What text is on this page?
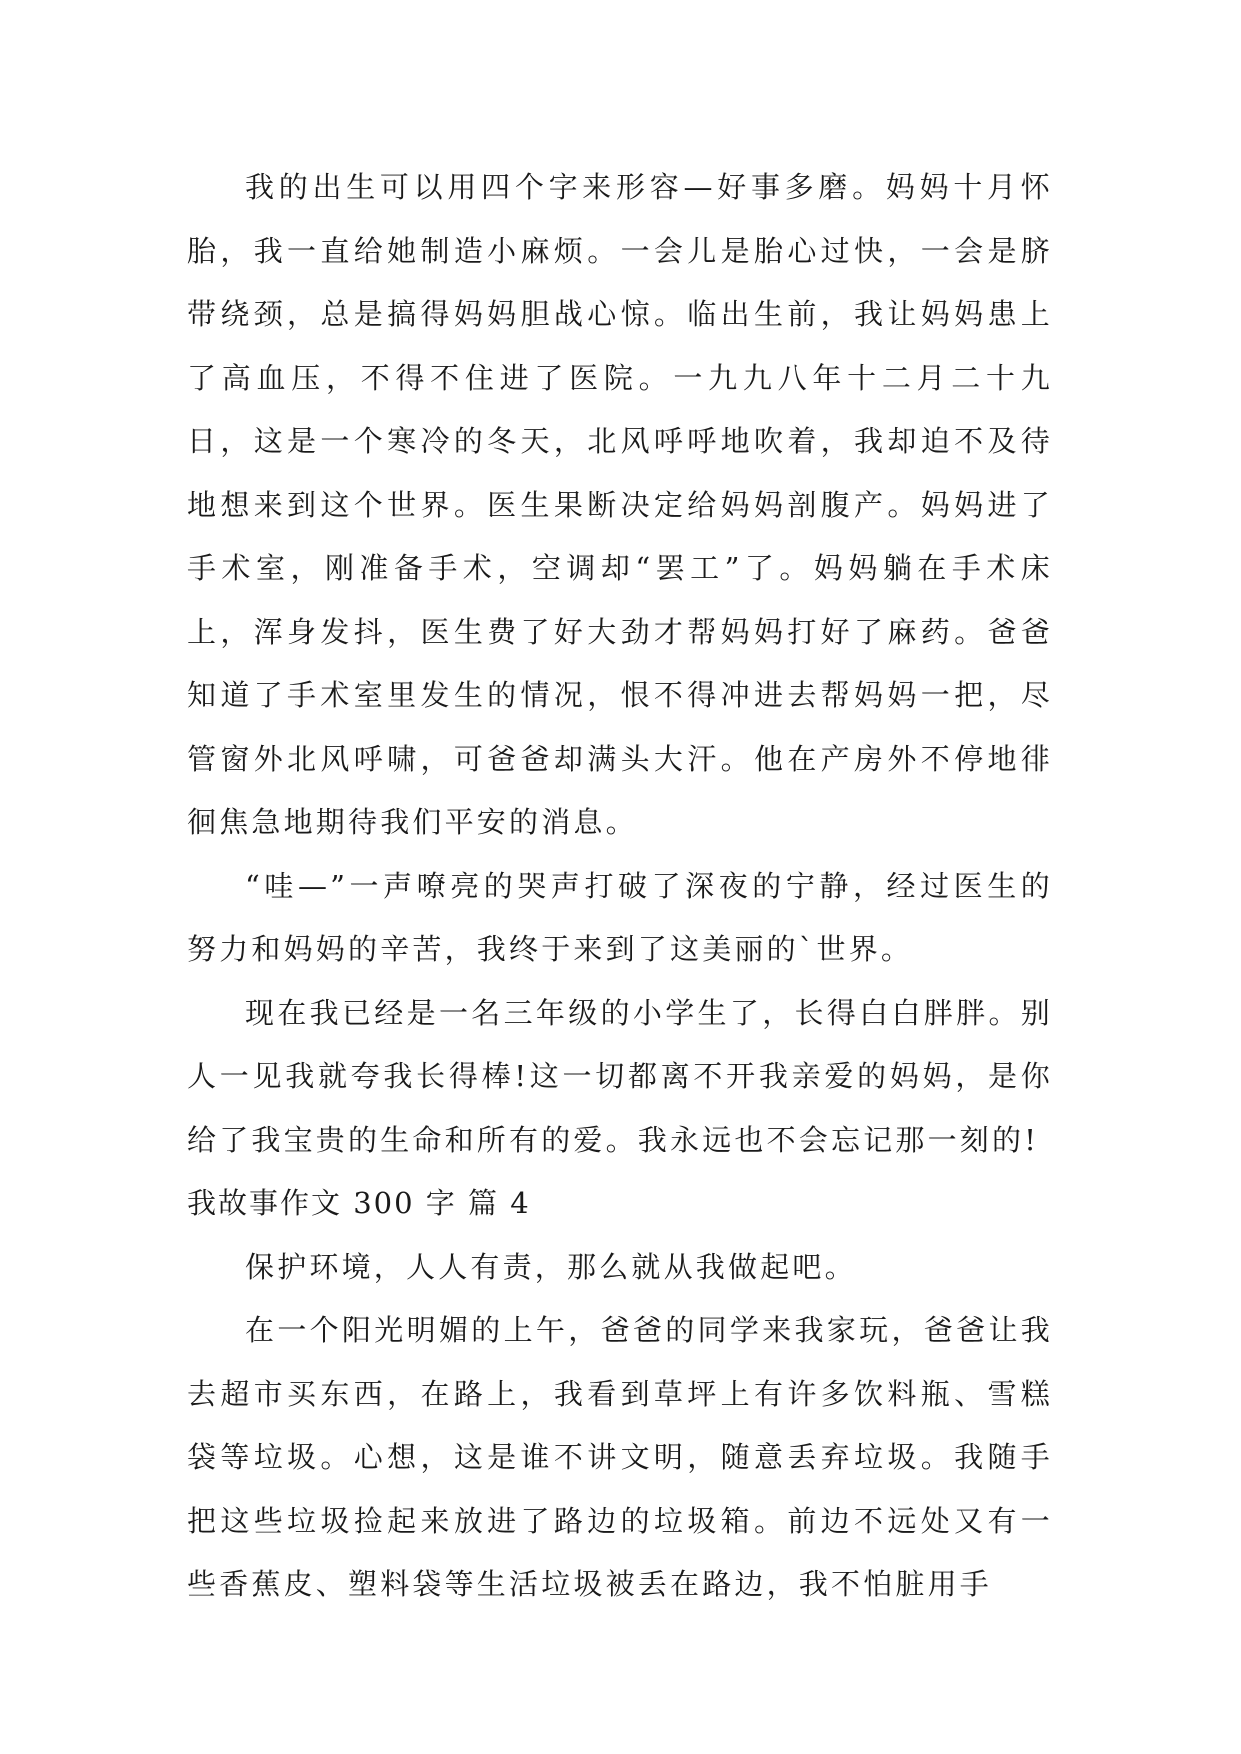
我的出生可以用四个字来形容—好事多磨。妈妈十月怀胎，我一直给她制造小麻烦。一会儿是胎心过快，一会是脐带绕颈，总是搞得妈妈胆战心惊。临出生前，我让妈妈患上了高血压，不得不住进了医院。一九九八年十二月二十九日，这是一个寒冷的冬天，北风呼呼地吹着，我却迫不及待地想来到这个世界。医生果断决定给妈妈剖腹产。妈妈进了手术室，刚准备手术，空调却“罢工”了。妈妈躺在手术床上，浑身发抖，医生费了好大劲才帮妈妈打好了麻药。爸爸知道了手术室里发生的情况，恨不得冲进去帮妈妈一把，尽管窗外北风呼啸，可爸爸却满头大汗。他在产房外不停地徘徊焦急地期待我们平安的消息。

“哇—”一声嘹亮的哭声打破了深夜的宁静，经过医生的努力和妈妈的辛苦，我终于来到了这美丽的`世界。

现在我已经是一名三年级的小学生了，长得白白胖胖。别人一见我就夸我长得棒!这一切都离不开我亲爱的妈妈，是你给了我宝贵的生命和所有的爱。我永远也不会忘记那一刻的!

我故事作文 300 字 篇 4

保护环境，人人有责，那么就从我做起吧。

在一个阳光明媚的上午，爸爸的同学来我家玩，爸爸让我去超市买东西，在路上，我看到草坪上有许多饮料瓶、雪糕袋等垃圾。心想，这是谁不讲文明，随意丢弃垃圾。我随手把这些垃圾捡起来放进了路边的垃圾箱。前边不远处又有一些香蕉皮、塑料袋等生活垃圾被丢在路边，我不怕脏用手
